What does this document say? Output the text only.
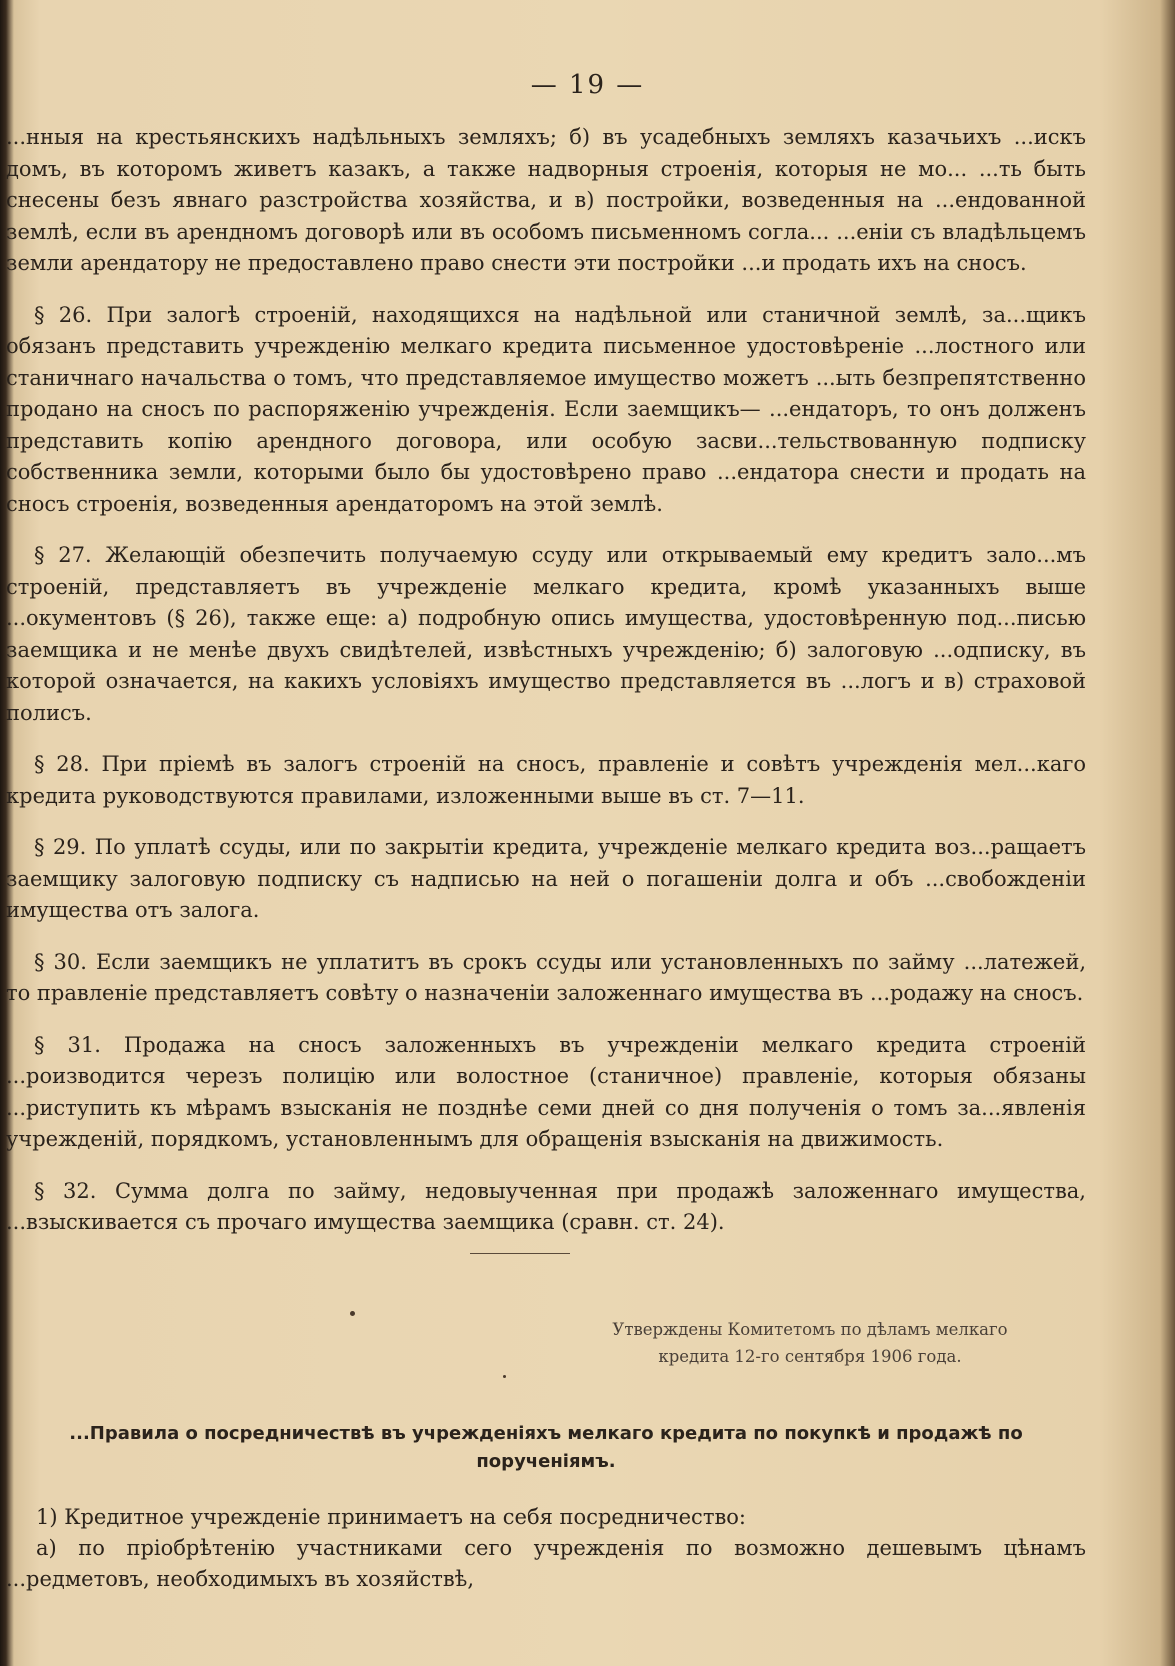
— 19 —

...нныя на крестьянскихъ надѣльныхъ земляхъ; б) въ усадебныхъ земляхъ казачьихъ ...искъ домъ, въ которомъ живетъ казакъ, а также надворныя строенія, которыя не мо... ...ть быть снесены безъ явнаго разстройства хозяйства, и в) постройки, возведенныя на ...ендованной землѣ, если въ арендномъ договорѣ или въ особомъ письменномъ согла... ...еніи съ владѣльцемъ земли арендатору не предоставлено право снести эти постройки ...и продать ихъ на сносъ.

§ 26. При залогѣ строеній, находящихся на надѣльной или станичной землѣ, за...щикъ обязанъ представить учрежденію мелкаго кредита письменное удостовѣреніе ...лостного или станичнаго начальства о томъ, что представляемое имущество можетъ ...ыть безпрепятственно продано на сносъ по распоряженію учрежденія. Если заемщикъ— ...ендаторъ, то онъ долженъ представить копію арендного договора, или особую засви...тельствованную подписку собственника земли, которыми было бы удостовѣрено право ...ендатора снести и продать на сносъ строенія, возведенныя арендаторомъ на этой землѣ.

§ 27. Желающій обезпечить получаемую ссуду или открываемый ему кредитъ зало...мъ строеній, представляетъ въ учрежденіе мелкаго кредита, кромѣ указанныхъ выше ...окументовъ (§ 26), также еще: а) подробную опись имущества, удостовѣренную под...писью заемщика и не менѣе двухъ свидѣтелей, извѣстныхъ учрежденію; б) залоговую ...одписку, въ которой означается, на какихъ условіяхъ имущество представляется въ ...логъ и в) страховой полисъ.

§ 28. При пріемѣ въ залогъ строеній на сносъ, правленіе и совѣтъ учрежденія мел...каго кредита руководствуются правилами, изложенными выше въ ст. 7—11.

§ 29. По уплатѣ ссуды, или по закрытіи кредита, учрежденіе мелкаго кредита воз...ращаетъ заемщику залоговую подписку съ надписью на ней о погашеніи долга и объ ...свобожденіи имущества отъ залога.

§ 30. Если заемщикъ не уплатитъ въ срокъ ссуды или установленныхъ по займу ...латежей, то правленіе представляетъ совѣту о назначеніи заложеннаго имущества въ ...родажу на сносъ.

§ 31. Продажа на сносъ заложенныхъ въ учрежденіи мелкаго кредита строеній ...роизводится черезъ полицію или волостное (станичное) правленіе, которыя обязаны ...риступить къ мѣрамъ взысканія не позднѣе семи дней со дня полученія о томъ за...явленія учрежденій, порядкомъ, установленнымъ для обращенія взысканія на движимость.

§ 32. Сумма долга по займу, недовыученная при продажѣ заложеннаго имущества, ...взыскивается съ прочаго имущества заемщика (сравн. ст. 24).

Утверждены Комитетомъ по дѣламъ мелкаго
кредита 12-го сентября 1906 года.
...Правила о посредничествѣ въ учрежденіяхъ мелкаго кредита по покупкѣ и продажѣ по порученіямъ.

1) Кредитное учрежденіе принимаетъ на себя посредничество:

а) по пріобрѣтенію участниками сего учрежденія по возможно дешевымъ цѣнамъ ...редметовъ, необходимыхъ въ хозяйствѣ,
